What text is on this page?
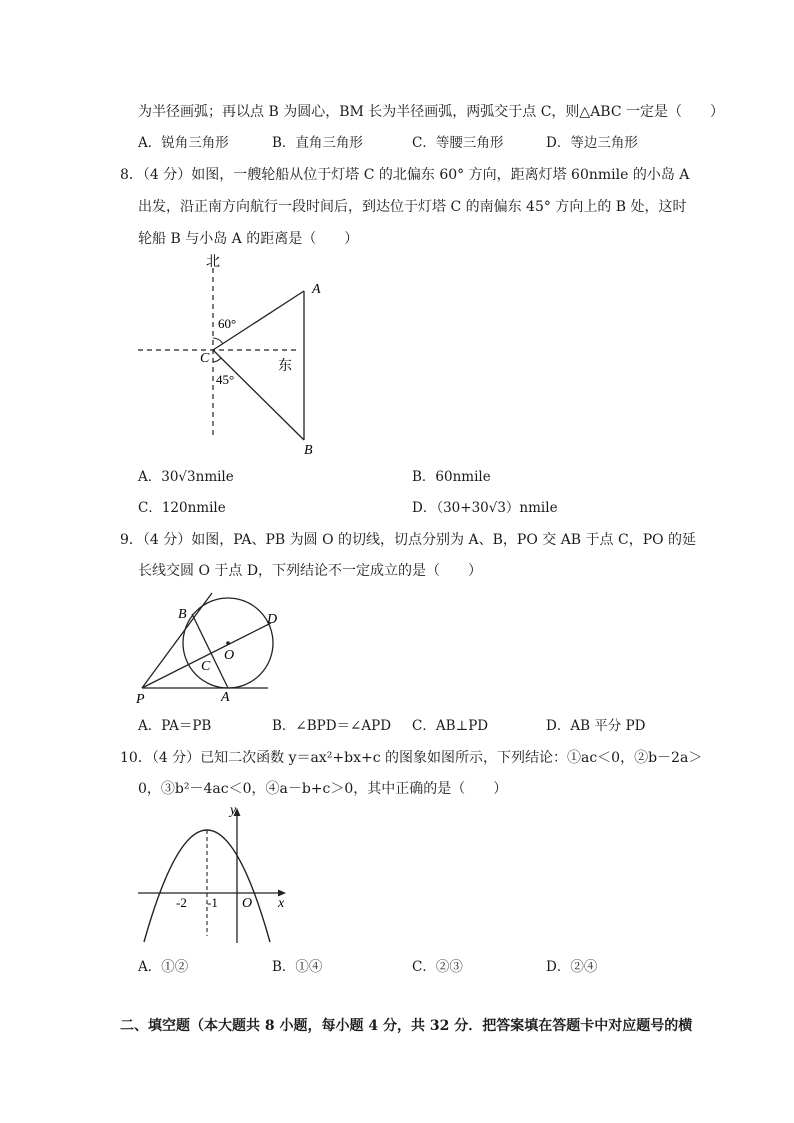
为半径画弧；再以点 B 为圆心，BM 长为半径画弧，两弧交于点 C，则△ABC 一定是（　　）
A．锐角三角形	B．直角三角形	C．等腰三角形	D．等边三角形
8．（4 分）如图，一艘轮船从位于灯塔 C 的北偏东 60° 方向，距离灯塔 60nmile 的小岛 A
出发，沿正南方向航行一段时间后，到达位于灯塔 C 的南偏东 45° 方向上的 B 处，这时
轮船 B 与小岛 A 的距离是（　　）
北
东
A
B
C
60°
45°
A．30√3nmile	B．60nmile
C．120nmile	D．（30+30√3）nmile
9．（4 分）如图，PA、PB 为圆 O 的切线，切点分别为 A、B，PO 交 AB 于点 C，PO 的延
长线交圆 O 于点 D，下列结论不一定成立的是（　　）
B	D
O
C
P	A
A．PA＝PB	B．∠BPD＝∠APD C．AB⊥PD	D．AB 平分 PD
10．（4 分）已知二次函数 y＝ax²+bx+c 的图象如图所示，下列结论：①ac＜0，②b－2a＞
0，③b²－4ac＜0，④a－b+c＞0，其中正确的是（　　）
y
x
O
-2 -1
A．①②	B．①④	C．②③	D．②④
二、填空题（本大题共 8 小题，每小题 4 分，共 32 分．把答案填在答题卡中对应题号的横
